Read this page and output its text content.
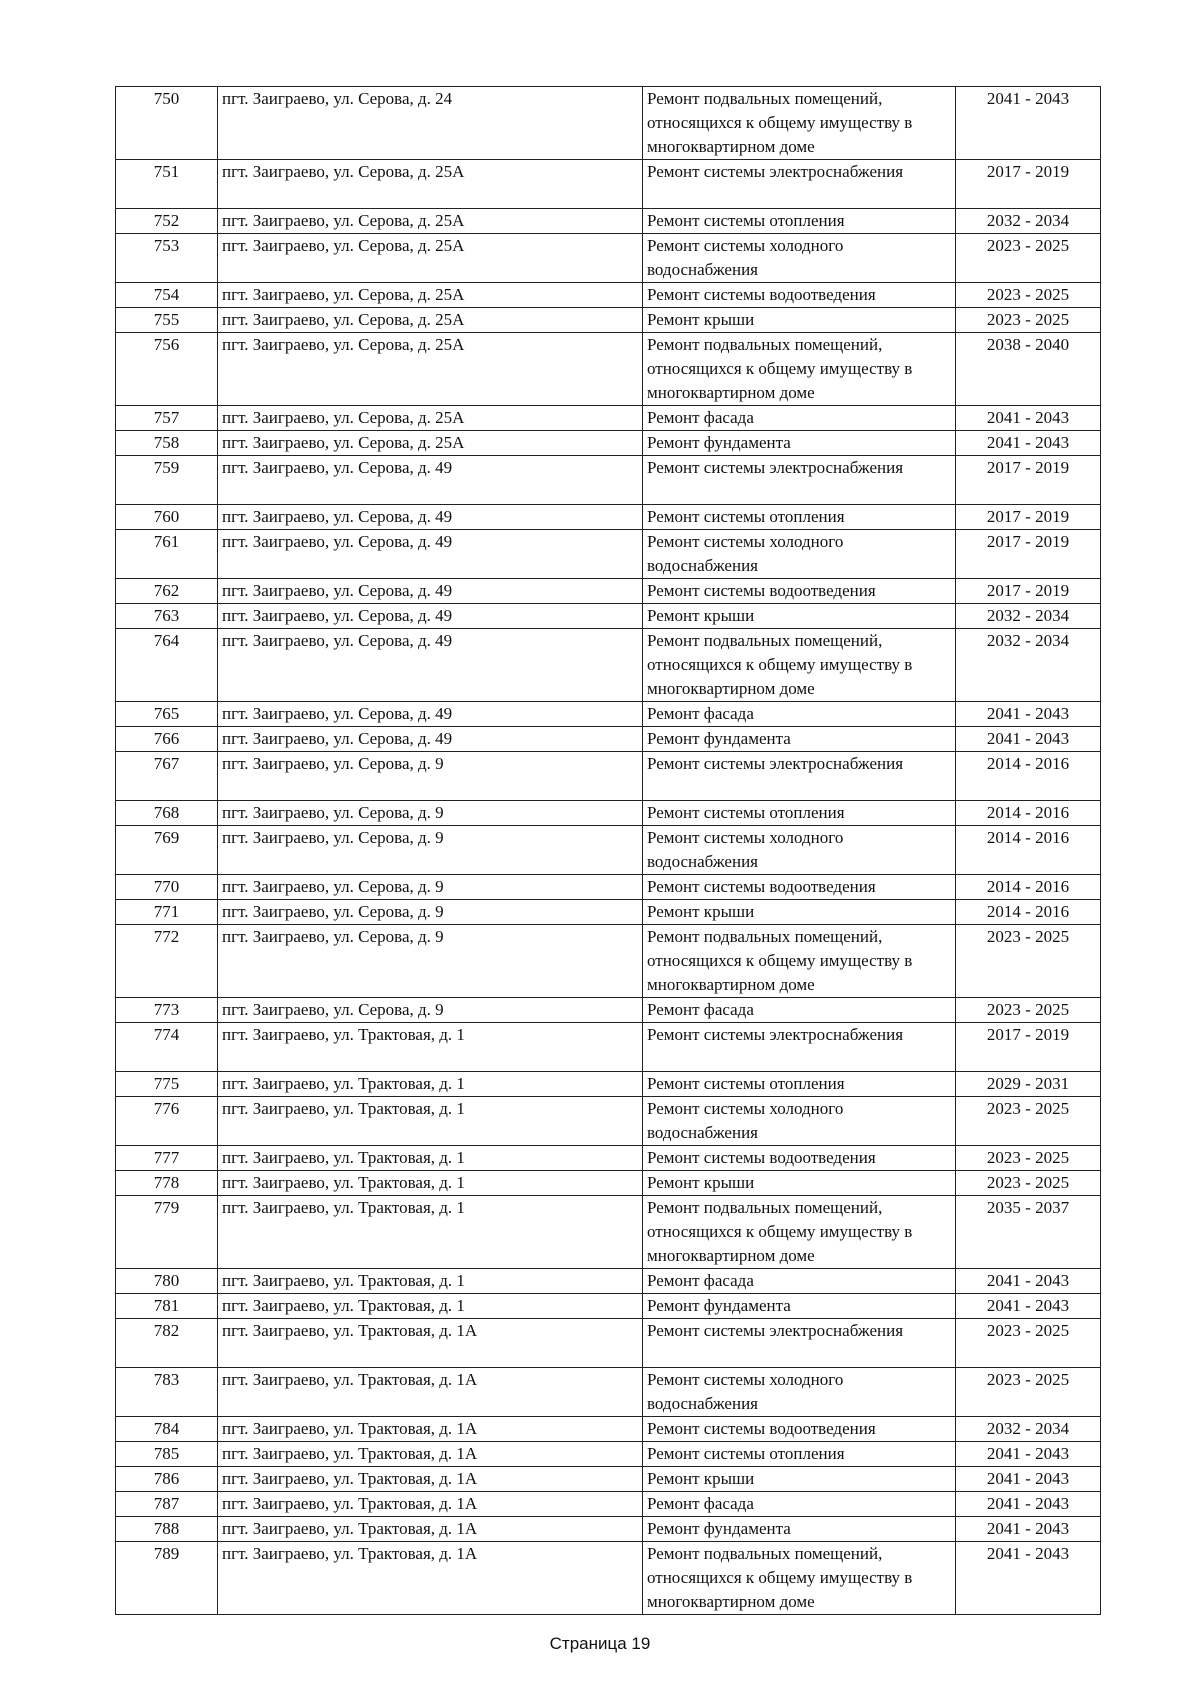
750	пгт. Заиграево, ул. Серова, д. 24	Ремонт подвальных помещений, относящихся к общему имуществу в многоквартирном доме	2041 - 2043
751	пгт. Заиграево, ул. Серова, д. 25А	Ремонт системы электроснабжения	2017 - 2019
752	пгт. Заиграево, ул. Серова, д. 25А	Ремонт системы отопления	2032 - 2034
753	пгт. Заиграево, ул. Серова, д. 25А	Ремонт системы холодного водоснабжения	2023 - 2025
754	пгт. Заиграево, ул. Серова, д. 25А	Ремонт системы водоотведения	2023 - 2025
755	пгт. Заиграево, ул. Серова, д. 25А	Ремонт крыши	2023 - 2025
756	пгт. Заиграево, ул. Серова, д. 25А	Ремонт подвальных помещений, относящихся к общему имуществу в многоквартирном доме	2038 - 2040
757	пгт. Заиграево, ул. Серова, д. 25А	Ремонт фасада	2041 - 2043
758	пгт. Заиграево, ул. Серова, д. 25А	Ремонт фундамента	2041 - 2043
759	пгт. Заиграево, ул. Серова, д. 49	Ремонт системы электроснабжения	2017 - 2019
760	пгт. Заиграево, ул. Серова, д. 49	Ремонт системы отопления	2017 - 2019
761	пгт. Заиграево, ул. Серова, д. 49	Ремонт системы холодного водоснабжения	2017 - 2019
762	пгт. Заиграево, ул. Серова, д. 49	Ремонт системы водоотведения	2017 - 2019
763	пгт. Заиграево, ул. Серова, д. 49	Ремонт крыши	2032 - 2034
764	пгт. Заиграево, ул. Серова, д. 49	Ремонт подвальных помещений, относящихся к общему имуществу в многоквартирном доме	2032 - 2034
765	пгт. Заиграево, ул. Серова, д. 49	Ремонт фасада	2041 - 2043
766	пгт. Заиграево, ул. Серова, д. 49	Ремонт фундамента	2041 - 2043
767	пгт. Заиграево, ул. Серова, д. 9	Ремонт системы электроснабжения	2014 - 2016
768	пгт. Заиграево, ул. Серова, д. 9	Ремонт системы отопления	2014 - 2016
769	пгт. Заиграево, ул. Серова, д. 9	Ремонт системы холодного водоснабжения	2014 - 2016
770	пгт. Заиграево, ул. Серова, д. 9	Ремонт системы водоотведения	2014 - 2016
771	пгт. Заиграево, ул. Серова, д. 9	Ремонт крыши	2014 - 2016
772	пгт. Заиграево, ул. Серова, д. 9	Ремонт подвальных помещений, относящихся к общему имуществу в многоквартирном доме	2023 - 2025
773	пгт. Заиграево, ул. Серова, д. 9	Ремонт фасада	2023 - 2025
774	пгт. Заиграево, ул. Трактовая, д. 1	Ремонт системы электроснабжения	2017 - 2019
775	пгт. Заиграево, ул. Трактовая, д. 1	Ремонт системы отопления	2029 - 2031
776	пгт. Заиграево, ул. Трактовая, д. 1	Ремонт системы холодного водоснабжения	2023 - 2025
777	пгт. Заиграево, ул. Трактовая, д. 1	Ремонт системы водоотведения	2023 - 2025
778	пгт. Заиграево, ул. Трактовая, д. 1	Ремонт крыши	2023 - 2025
779	пгт. Заиграево, ул. Трактовая, д. 1	Ремонт подвальных помещений, относящихся к общему имуществу в многоквартирном доме	2035 - 2037
780	пгт. Заиграево, ул. Трактовая, д. 1	Ремонт фасада	2041 - 2043
781	пгт. Заиграево, ул. Трактовая, д. 1	Ремонт фундамента	2041 - 2043
782	пгт. Заиграево, ул. Трактовая, д. 1А	Ремонт системы электроснабжения	2023 - 2025
783	пгт. Заиграево, ул. Трактовая, д. 1А	Ремонт системы холодного водоснабжения	2023 - 2025
784	пгт. Заиграево, ул. Трактовая, д. 1А	Ремонт системы водоотведения	2032 - 2034
785	пгт. Заиграево, ул. Трактовая, д. 1А	Ремонт системы отопления	2041 - 2043
786	пгт. Заиграево, ул. Трактовая, д. 1А	Ремонт крыши	2041 - 2043
787	пгт. Заиграево, ул. Трактовая, д. 1А	Ремонт фасада	2041 - 2043
788	пгт. Заиграево, ул. Трактовая, д. 1А	Ремонт фундамента	2041 - 2043
789	пгт. Заиграево, ул. Трактовая, д. 1А	Ремонт подвальных помещений, относящихся к общему имуществу в многоквартирном доме	2041 - 2043
Страница 19
